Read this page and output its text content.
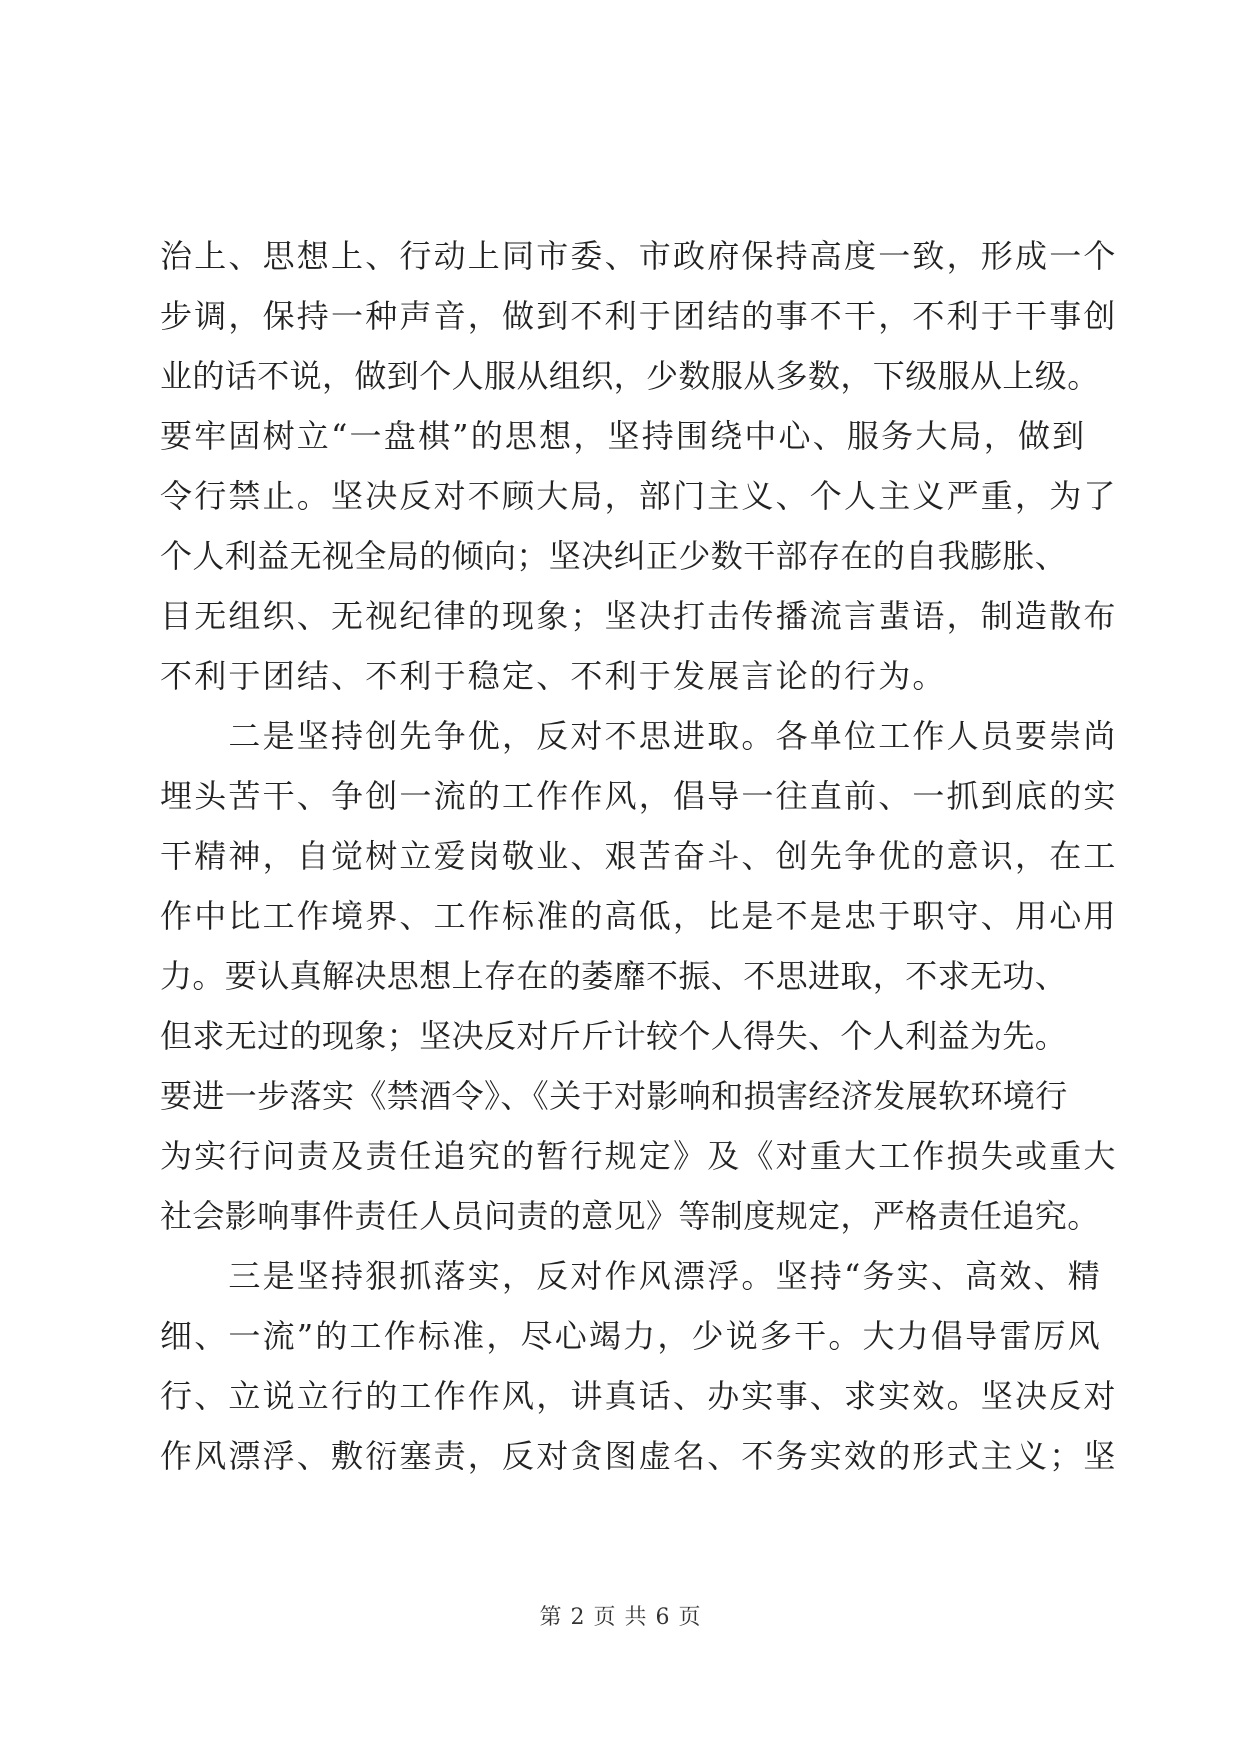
治上、思想上、行动上同市委、市政府保持高度一致，形成一个
步调，保持一种声音，做到不利于团结的事不干，不利于干事创
业的话不说，做到个人服从组织，少数服从多数，下级服从上级。
要牢固树立“一盘棋”的思想，坚持围绕中心、服务大局，做到
令行禁止。坚决反对不顾大局，部门主义、个人主义严重，为了
个人利益无视全局的倾向；坚决纠正少数干部存在的自我膨胀、
目无组织、无视纪律的现象；坚决打击传播流言蜚语，制造散布
不利于团结、不利于稳定、不利于发展言论的行为。
　　二是坚持创先争优，反对不思进取。各单位工作人员要崇尚
埋头苦干、争创一流的工作作风，倡导一往直前、一抓到底的实
干精神，自觉树立爱岗敬业、艰苦奋斗、创先争优的意识，在工
作中比工作境界、工作标准的高低，比是不是忠于职守、用心用
力。要认真解决思想上存在的萎靡不振、不思进取，不求无功、
但求无过的现象；坚决反对斤斤计较个人得失、个人利益为先。
要进一步落实《禁酒令》、《关于对影响和损害经济发展软环境行
为实行问责及责任追究的暂行规定》及《对重大工作损失或重大
社会影响事件责任人员问责的意见》等制度规定，严格责任追究。
　　三是坚持狠抓落实，反对作风漂浮。坚持“务实、高效、精
细、一流”的工作标准，尽心竭力，少说多干。大力倡导雷厉风
行、立说立行的工作作风，讲真话、办实事、求实效。坚决反对
作风漂浮、敷衍塞责，反对贪图虚名、不务实效的形式主义；坚
第 2 页 共 6 页
